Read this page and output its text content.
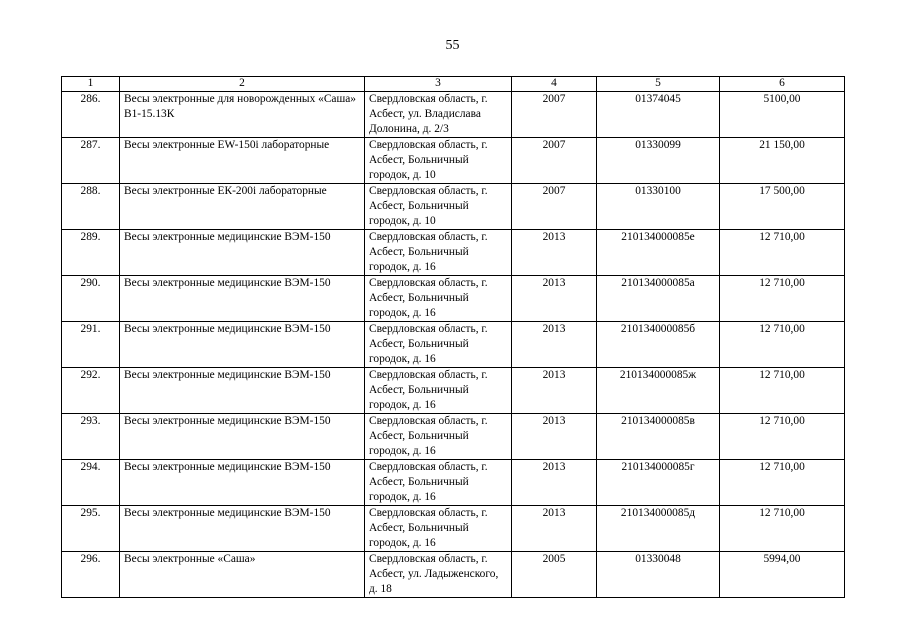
55
1	2	3	4	5	6
286.	Весы электронные для новорожденных «Саша» В1-15.13К	Свердловская область, г. Асбест, ул. Владислава Долонина, д. 2/3	2007	01374045	5100,00
287.	Весы электронные EW-150i лабораторные	Свердловская область, г. Асбест, Больничный городок, д. 10	2007	01330099	21 150,00
288.	Весы электронные ЕК-200i лабораторные	Свердловская область, г. Асбест, Больничный городок, д. 10	2007	01330100	17 500,00
289.	Весы электронные медицинские ВЭМ-150	Свердловская область, г. Асбест, Больничный городок, д. 16	2013	210134000085е	12 710,00
290.	Весы электронные медицинские ВЭМ-150	Свердловская область, г. Асбест, Больничный городок, д. 16	2013	210134000085а	12 710,00
291.	Весы электронные медицинские ВЭМ-150	Свердловская область, г. Асбест, Больничный городок, д. 16	2013	210134000085б	12 710,00
292.	Весы электронные медицинские ВЭМ-150	Свердловская область, г. Асбест, Больничный городок, д. 16	2013	210134000085ж	12 710,00
293.	Весы электронные медицинские ВЭМ-150	Свердловская область, г. Асбест, Больничный городок, д. 16	2013	210134000085в	12 710,00
294.	Весы электронные медицинские ВЭМ-150	Свердловская область, г. Асбест, Больничный городок, д. 16	2013	210134000085г	12 710,00
295.	Весы электронные медицинские ВЭМ-150	Свердловская область, г. Асбест, Больничный городок, д. 16	2013	210134000085д	12 710,00
296.	Весы электронные «Саша»	Свердловская область, г. Асбест, ул. Ладыженского, д. 18	2005	01330048	5994,00
